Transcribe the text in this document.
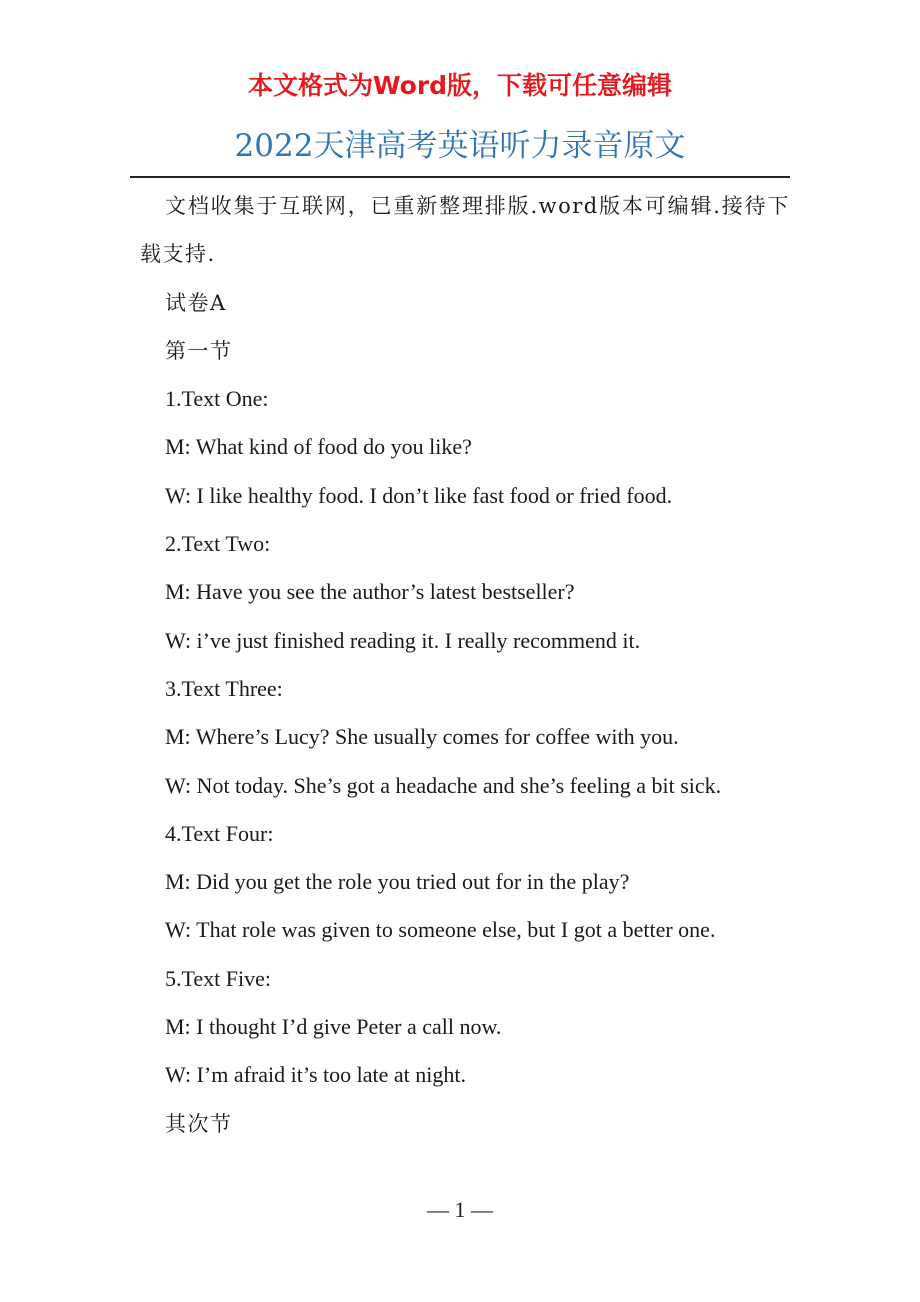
本文格式为Word版，下载可任意编辑
2022天津高考英语听力录音原文

文档收集于互联网，已重新整理排版.word版本可编辑.接待下载支持.

试卷A

第一节

1.Text One:

M: What kind of food do you like?

W: I like healthy food. I don’t like fast food or fried food.

2.Text Two:

M: Have you see the author’s latest bestseller?

W: i’ve just finished reading it. I really recommend it.

3.Text Three:

M: Where’s Lucy? She usually comes for coffee with you.

W: Not today. She’s got a headache and she’s feeling a bit sick.

4.Text Four:

M: Did you get the role you tried out for in the play?

W: That role was given to someone else, but I got a better one.

5.Text Five:

M: I thought I’d give Peter a call now.

W: I’m afraid it’s too late at night.

其次节

— 1 —
